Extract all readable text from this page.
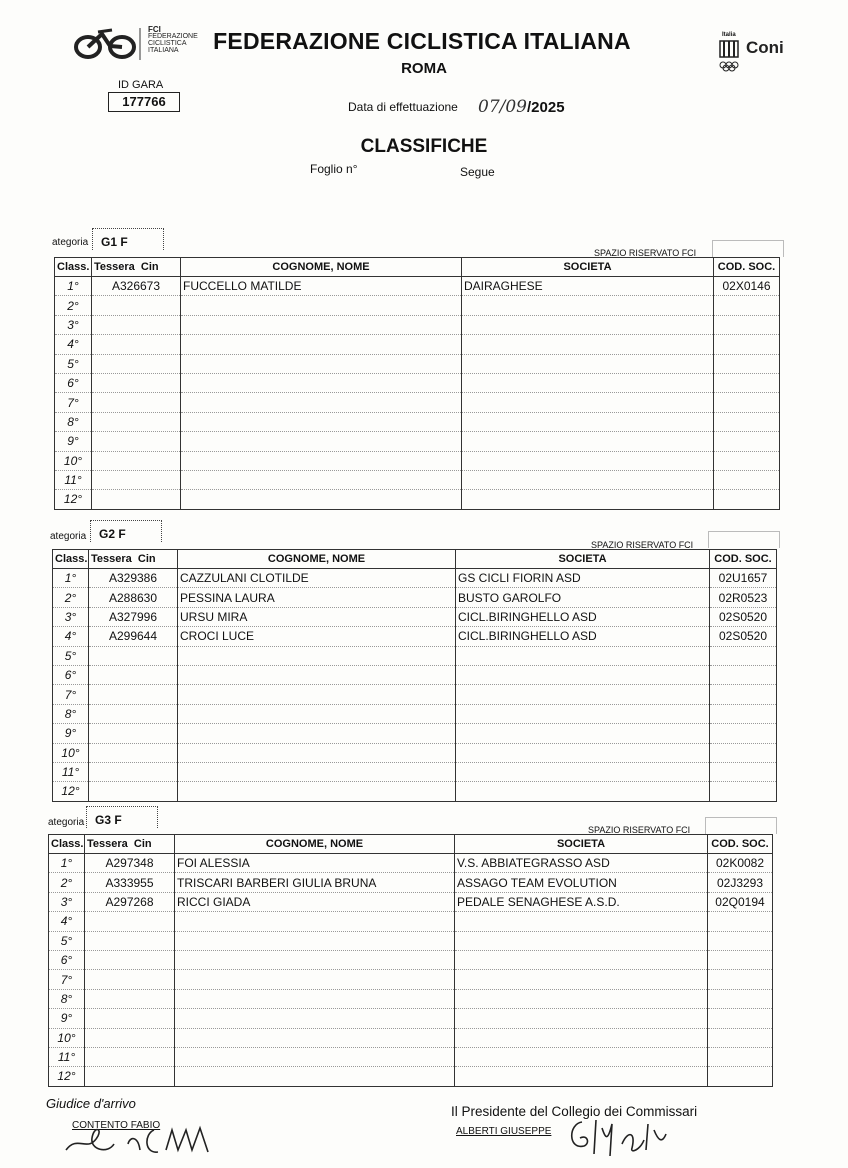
FCI
FEDERAZIONE
CICLISTICA
ITALIANA	FEDERAZIONE CICLISTICA ITALIANA
ROMA
Italia
Coni
ID GARA
177766	Data di effettuazione 07/09/2025
CLASSIFICHE
Foglio n°	Segue
ategoria	G1 F
SPAZIO RISERVATO FCI
Class.	Tessera Cin	COGNOME, NOME	SOCIETA	COD. SOC.
1°	A326673	FUCCELLO MATILDE	DAIRAGHESE	02X0146
2°				
3°				
4°				
5°				
6°				
7°				
8°				
9°				
10°				
11°				
12°				
ategoria	G2 F
SPAZIO RISERVATO FCI
Class.	Tessera Cin	COGNOME, NOME	SOCIETA	COD. SOC.
1°	A329386	CAZZULANI CLOTILDE	GS CICLI FIORIN ASD	02U1657
2°	A288630	PESSINA LAURA	BUSTO GAROLFO	02R0523
3°	A327996	URSU MIRA	CICL.BIRINGHELLO ASD	02S0520
4°	A299644	CROCI LUCE	CICL.BIRINGHELLO ASD	02S0520
5°				
6°				
7°				
8°				
9°				
10°				
11°				
12°				
ategoria G3 F
SPAZIO RISERVATO FCI
Class.	Tessera Cin	COGNOME, NOME	SOCIETA	COD. SOC.
1°	A297348	FOI ALESSIA	V.S. ABBIATEGRASSO ASD	02K0082
2°	A333955	TRISCARI BARBERI GIULIA BRUNA	ASSAGO TEAM EVOLUTION	02J3293
3°	A297268	RICCI GIADA	PEDALE SENAGHESE A.S.D.	02Q0194
4°				
5°				
6°				
7°				
8°				
9°				
10°				
11°				
12°				
Giudice d'arrivo
CONTENTO FABIO
Il Presidente del Collegio dei Commissari
ALBERTI GIUSEPPE
